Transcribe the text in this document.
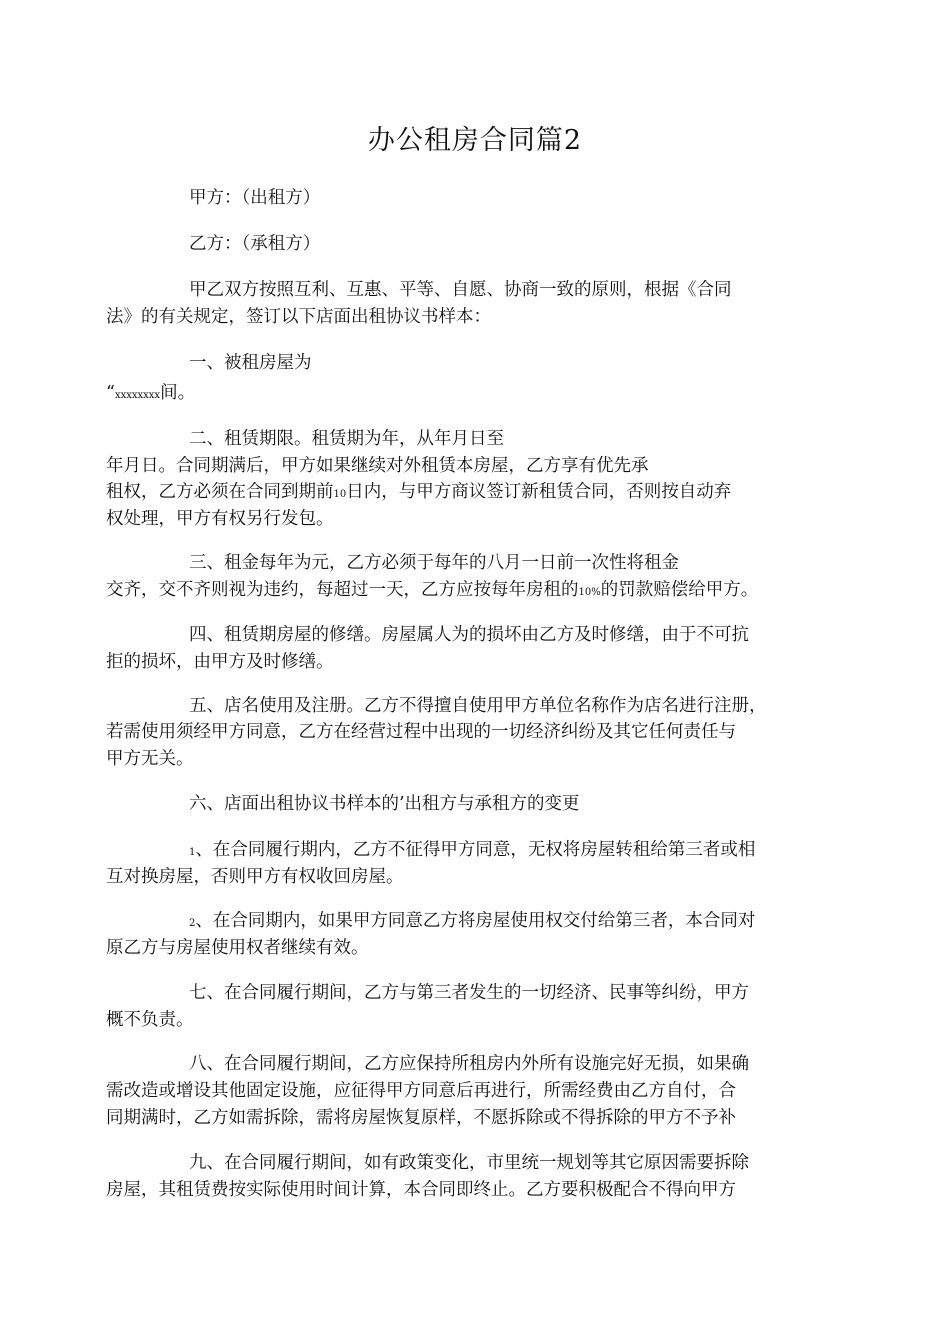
办公租房合同篇2
甲方：（出租方）
乙方：（承租方）
甲乙双方按照互利、互惠、平等、自愿、协商一致的原则，根据《合同
法》的有关规定，签订以下店面出租协议书样本：
一、被租房屋为
“xxxxxxxx间。
二、租赁期限。租赁期为年，从年月日至
年月日。合同期满后，甲方如果继续对外租赁本房屋，乙方享有优先承
租权，乙方必须在合同到期前10日内，与甲方商议签订新租赁合同，否则按自动弃
权处理，甲方有权另行发包。
三、租金每年为元，乙方必须于每年的八月一日前一次性将租金
交齐，交不齐则视为违约，每超过一天，乙方应按每年房租的10%的罚款赔偿给甲方。
四、租赁期房屋的修缮。房屋属人为的损坏由乙方及时修缮，由于不可抗
拒的损坏，由甲方及时修缮。
五、店名使用及注册。乙方不得擅自使用甲方单位名称作为店名进行注册，
若需使用须经甲方同意，乙方在经营过程中出现的一切经济纠纷及其它任何责任与
甲方无关。
六、店面出租协议书样本的’出租方与承租方的变更
1、在合同履行期内，乙方不征得甲方同意，无权将房屋转租给第三者或相
互对换房屋，否则甲方有权收回房屋。
2、在合同期内，如果甲方同意乙方将房屋使用权交付给第三者，本合同对
原乙方与房屋使用权者继续有效。
七、在合同履行期间，乙方与第三者发生的一切经济、民事等纠纷，甲方
概不负责。
八、在合同履行期间，乙方应保持所租房内外所有设施完好无损，如果确
需改造或增设其他固定设施，应征得甲方同意后再进行，所需经费由乙方自付，合
同期满时，乙方如需拆除，需将房屋恢复原样，不愿拆除或不得拆除的甲方不予补
九、在合同履行期间，如有政策变化，市里统一规划等其它原因需要拆除
房屋，其租赁费按实际使用时间计算，本合同即终止。乙方要积极配合不得向甲方
